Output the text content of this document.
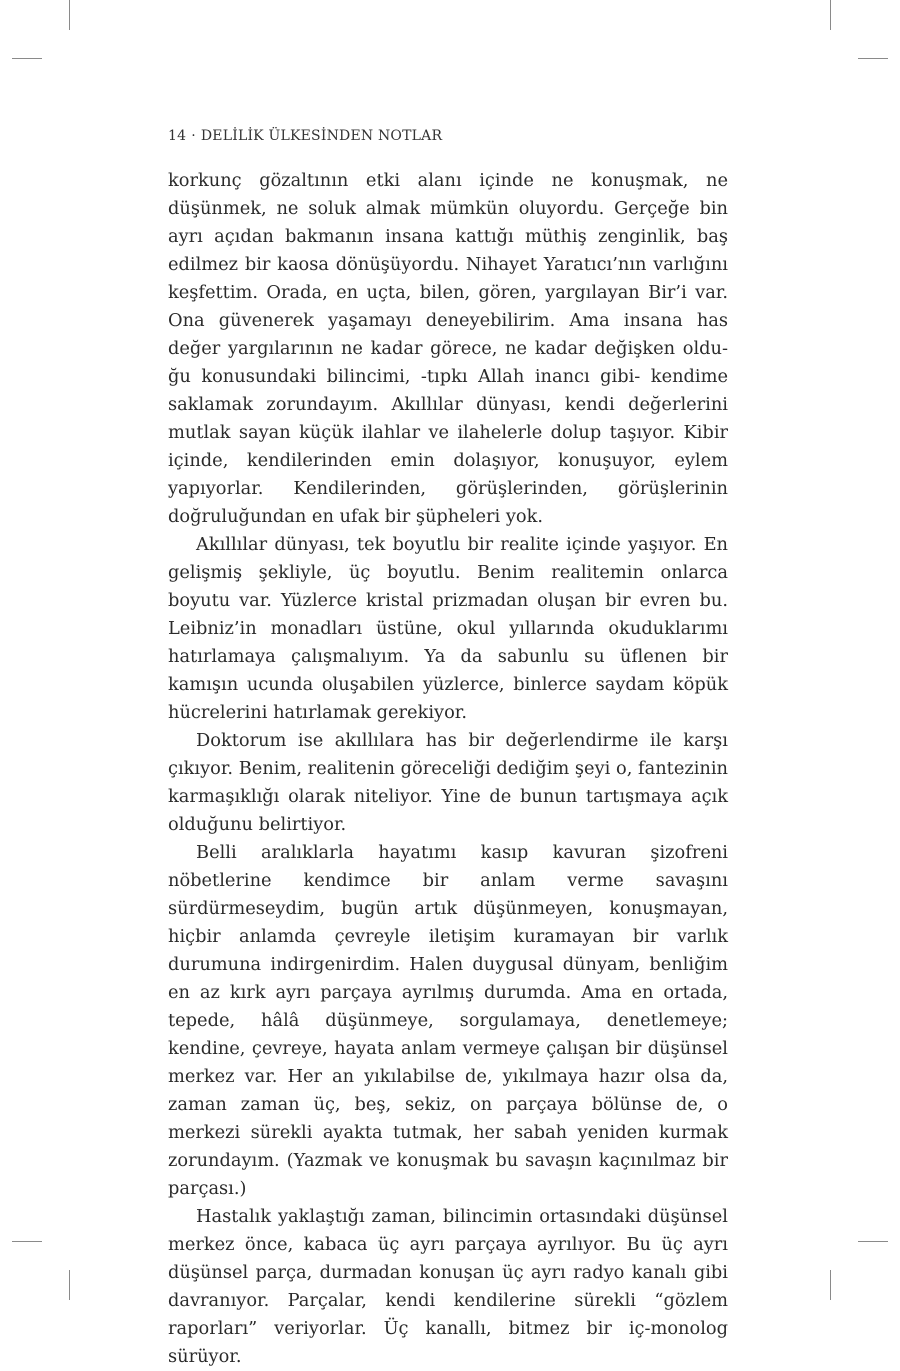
14 · DELİLİK ÜLKESİNDEN NOTLAR

korkunç gözaltının etki alanı içinde ne konuşmak, ne düşünmek, ne soluk almak mümkün oluyordu. Gerçeğe bin ayrı açıdan bakmanın insana kattığı müthiş zenginlik, baş edilmez bir kaosa dönüşüyordu. Nihayet Yaratıcı’nın varlığını keşfettim. Orada, en uçta, bilen, gören, yargılayan Bir’i var. Ona güvenerek yaşamayı deneyebilirim. Ama insana has değer yargılarının ne kadar görece, ne kadar değişken olduğu konusundaki bilincimi, -tıpkı Allah inancı gibi- kendime saklamak zorundayım. Akıllılar dünyası, kendi değerlerini mutlak sayan küçük ilahlar ve ilahelerle dolup taşıyor. Kibir içinde, kendilerinden emin dolaşıyor, konuşuyor, eylem yapıyorlar. Kendilerinden, görüşlerinden, görüşlerinin doğruluğundan en ufak bir şüpheleri yok.

Akıllılar dünyası, tek boyutlu bir realite içinde yaşıyor. En gelişmiş şekliyle, üç boyutlu. Benim realitemin onlarca boyutu var. Yüzlerce kristal prizmadan oluşan bir evren bu. Leibniz’in monadları üstüne, okul yıllarında okuduklarımı hatırlamaya çalışmalıyım. Ya da sabunlu su üflenen bir kamışın ucunda oluşabilen yüzlerce, binlerce saydam köpük hücrelerini hatırlamak gerekiyor.

Doktorum ise akıllılara has bir değerlendirme ile karşı çıkıyor. Benim, realitenin göreceliği dediğim şeyi o, fantezinin karmaşıklığı olarak niteliyor. Yine de bunun tartışmaya açık olduğunu belirtiyor.

Belli aralıklarla hayatımı kasıp kavuran şizofreni nöbetlerine kendimce bir anlam verme savaşını sürdürmeseydim, bugün artık düşünmeyen, konuşmayan, hiçbir anlamda çevreyle iletişim kuramayan bir varlık durumuna indirgenirdim. Halen duygusal dünyam, benliğim en az kırk ayrı parçaya ayrılmış durumda. Ama en ortada, tepede, hâlâ düşünmeye, sorgulamaya, denetlemeye; kendine, çevreye, hayata anlam vermeye çalışan bir düşünsel merkez var. Her an yıkılabilse de, yıkılmaya hazır olsa da, zaman zaman üç, beş, sekiz, on parçaya bölünse de, o merkezi sürekli ayakta tutmak, her sabah yeniden kurmak zorundayım. (Yazmak ve konuşmak bu savaşın kaçınılmaz bir parçası.)

Hastalık yaklaştığı zaman, bilincimin ortasındaki düşünsel merkez önce, kabaca üç ayrı parçaya ayrılıyor. Bu üç ayrı düşünsel parça, durmadan konuşan üç ayrı radyo kanalı gibi davranıyor. Parçalar, kendi kendilerine sürekli “gözlem raporları” veriyorlar. Üç kanallı, bitmez bir iç-monolog sürüyor.
